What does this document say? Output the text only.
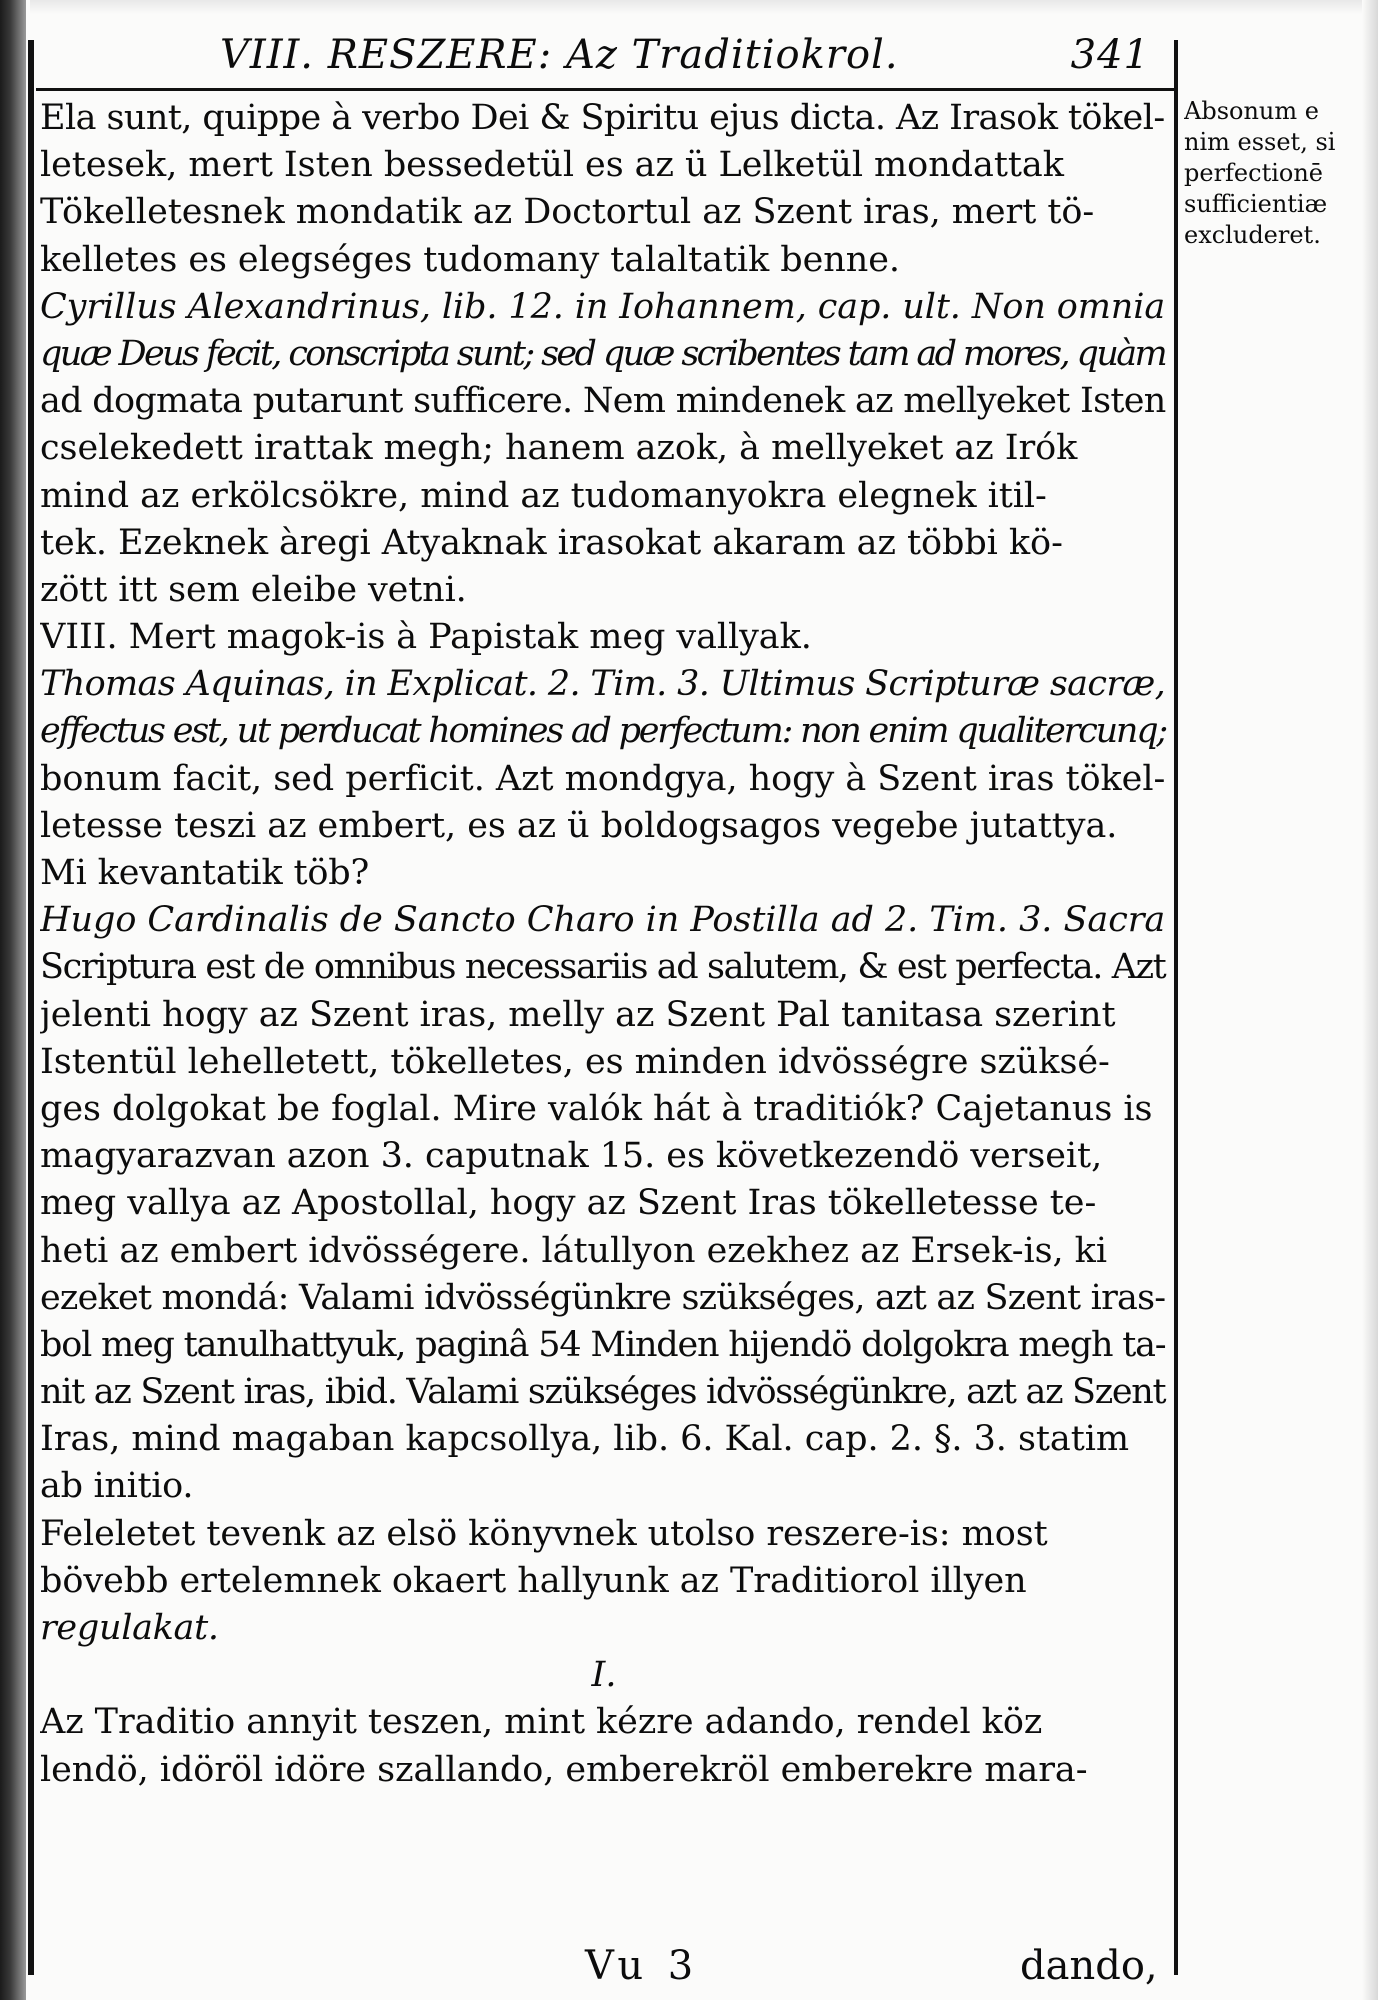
VIII. RESZERE: Az Traditiokrol.	341
Ela sunt, quippe à verbo Dei & Spiritu ejus dicta. Az Irasok tökel-
letesek, mert Isten bessedetül es az ü Lelketül mondattak
Tökelletesnek mondatik az Doctortul az Szent iras, mert tö-
kelletes es elegséges tudomany talaltatik benne.
Cyrillus Alexandrinus, lib. 12. in Iohannem, cap. ult. Non omnia
quæ Deus fecit, conscripta sunt; sed quæ scribentes tam ad mores, quàm
ad dogmata putarunt sufficere. Nem mindenek az mellyeket Isten
cselekedett irattak megh; hanem azok, à mellyeket az Irók
mind az erkölcsökre, mind az tudomanyokra elegnek itil-
tek. Ezeknek àregi Atyaknak irasokat akaram az többi kö-
zött itt sem eleibe vetni.
VIII. Mert magok-is à Papistak meg vallyak.
Thomas Aquinas, in Explicat. 2. Tim. 3. Ultimus Scripturæ sacræ,
effectus est, ut perducat homines ad perfectum: non enim qualitercunq;
bonum facit, sed perficit. Azt mondgya, hogy à Szent iras tökel-
letesse teszi az embert, es az ü boldogsagos vegebe jutattya.
Mi kevantatik töb?
Hugo Cardinalis de Sancto Charo in Postilla ad 2. Tim. 3. Sacra
Scriptura est de omnibus necessariis ad salutem, & est perfecta. Azt
jelenti hogy az Szent iras, melly az Szent Pal tanitasa szerint
Istentül lehelletett, tökelletes, es minden idvösségre szüksé-
ges dolgokat be foglal. Mire valók hát à traditiók? Cajetanus is
magyarazvan azon 3. caputnak 15. es következendö verseit,
meg vallya az Apostollal, hogy az Szent Iras tökelletesse te-
heti az embert idvösségere. látullyon ezekhez az Ersek-is, ki
ezeket mondá: Valami idvösségünkre szükséges, azt az Szent iras-
bol meg tanulhattyuk, paginâ 54 Minden hijendö dolgokra megh ta-
nit az Szent iras, ibid. Valami szükséges idvösségünkre, azt az Szent
Iras, mind magaban kapcsollya, lib. 6. Kal. cap. 2. §. 3. statim
ab initio.
Feleletet tevenk az elsö könyvnek utolso reszere-is: most
bövebb ertelemnek okaert hallyunk az Traditiorol illyen
regulakat.
I.
Az Traditio annyit teszen, mint kézre adando, rendel köz
lendö, idöröl idöre szallando, emberekröl emberekre mara-
Absonum e
nim esset, si
perfectionē
sufficientiæ
excluderet.
Vu 3	dando,
